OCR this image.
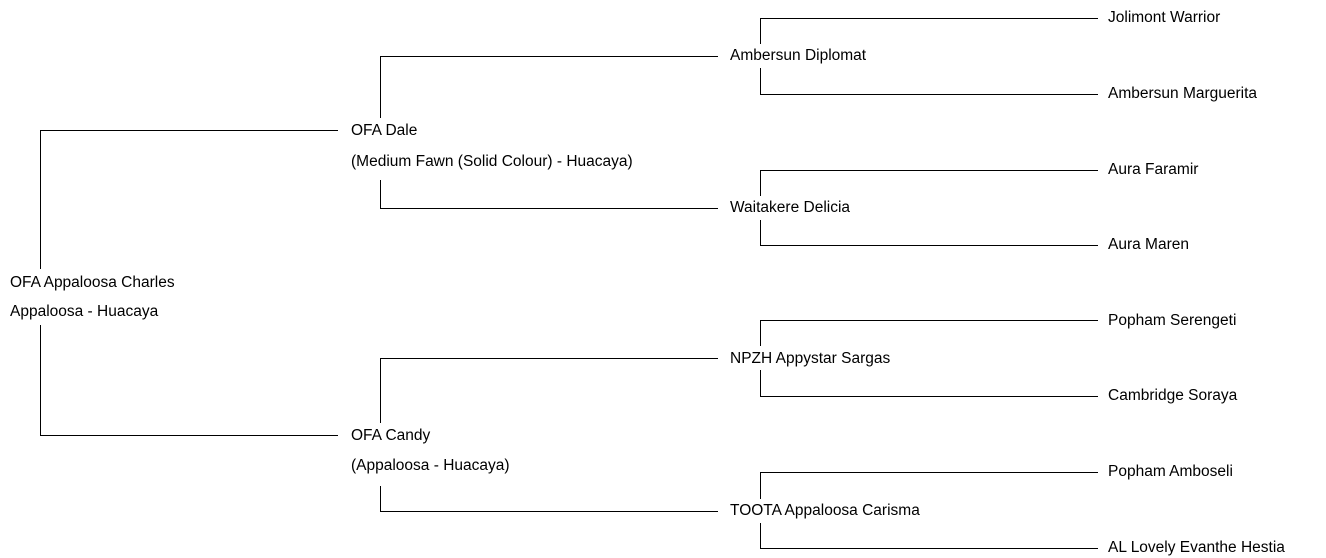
OFA Appaloosa Charles
Appaloosa - Huacaya
OFA Dale
(Medium Fawn (Solid Colour) - Huacaya)
OFA Candy
(Appaloosa - Huacaya)
Ambersun Diplomat
Waitakere Delicia
NPZH Appystar Sargas
TOOTA Appaloosa Carisma
Jolimont Warrior
Ambersun Marguerita
Aura Faramir
Aura Maren
Popham Serengeti
Cambridge Soraya
Popham Amboseli
AL Lovely Evanthe Hestia
